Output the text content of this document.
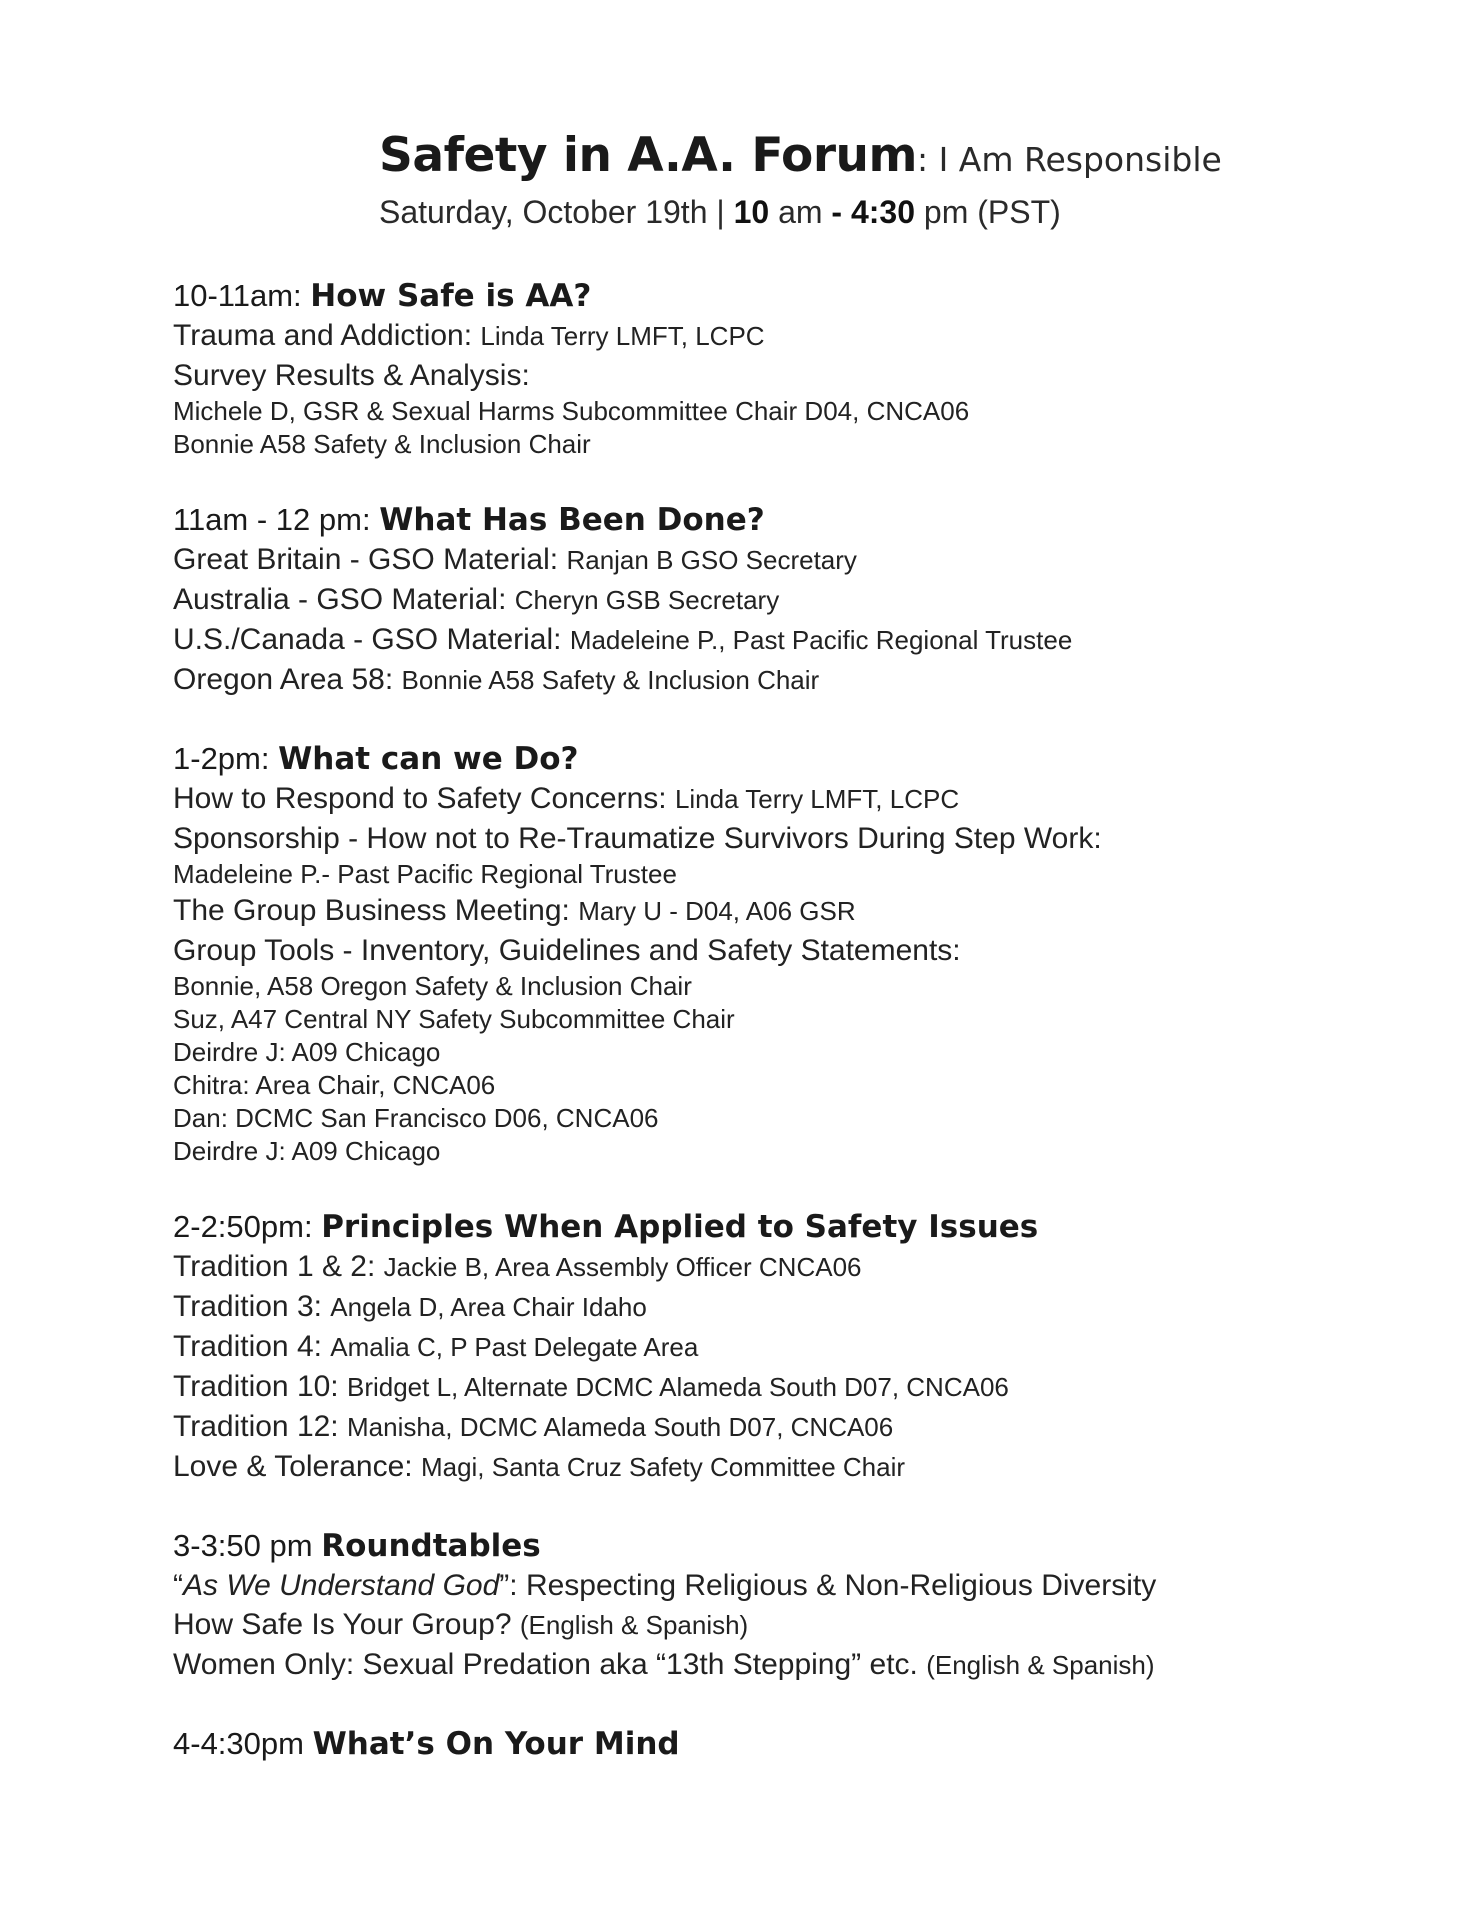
Safety in A.A. Forum: I Am Responsible
Saturday, October 19th | 10 am - 4:30 pm (PST)
10-11am: How Safe is AA?
Trauma and Addiction: Linda Terry LMFT, LCPC
Survey Results & Analysis:
Michele D, GSR & Sexual Harms Subcommittee Chair D04, CNCA06
Bonnie A58 Safety & Inclusion Chair
11am - 12 pm: What Has Been Done?
Great Britain - GSO Material: Ranjan B GSO Secretary
Australia - GSO Material: Cheryn GSB Secretary
U.S./Canada - GSO Material: Madeleine P., Past Pacific Regional Trustee
Oregon Area 58: Bonnie A58 Safety & Inclusion Chair
1-2pm: What can we Do?
How to Respond to Safety Concerns: Linda Terry LMFT, LCPC
Sponsorship - How not to Re-Traumatize Survivors During Step Work:
Madeleine P.- Past Pacific Regional Trustee
The Group Business Meeting: Mary U - D04, A06 GSR
Group Tools - Inventory, Guidelines and Safety Statements:
Bonnie, A58 Oregon Safety & Inclusion Chair
Suz, A47 Central NY Safety Subcommittee Chair
Deirdre J: A09 Chicago
Chitra: Area Chair, CNCA06
Dan: DCMC San Francisco D06, CNCA06
Deirdre J: A09 Chicago
2-2:50pm: Principles When Applied to Safety Issues
Tradition 1 & 2: Jackie B, Area Assembly Officer CNCA06
Tradition 3: Angela D, Area Chair Idaho
Tradition 4: Amalia C, P Past Delegate Area
Tradition 10: Bridget L, Alternate DCMC Alameda South D07, CNCA06
Tradition 12: Manisha, DCMC Alameda South D07, CNCA06
Love & Tolerance: Magi, Santa Cruz Safety Committee Chair
3-3:50 pm Roundtables
“As We Understand God”: Respecting Religious & Non-Religious Diversity
How Safe Is Your Group? (English & Spanish)
Women Only: Sexual Predation aka “13th Stepping” etc. (English & Spanish)
4-4:30pm What’s On Your Mind
